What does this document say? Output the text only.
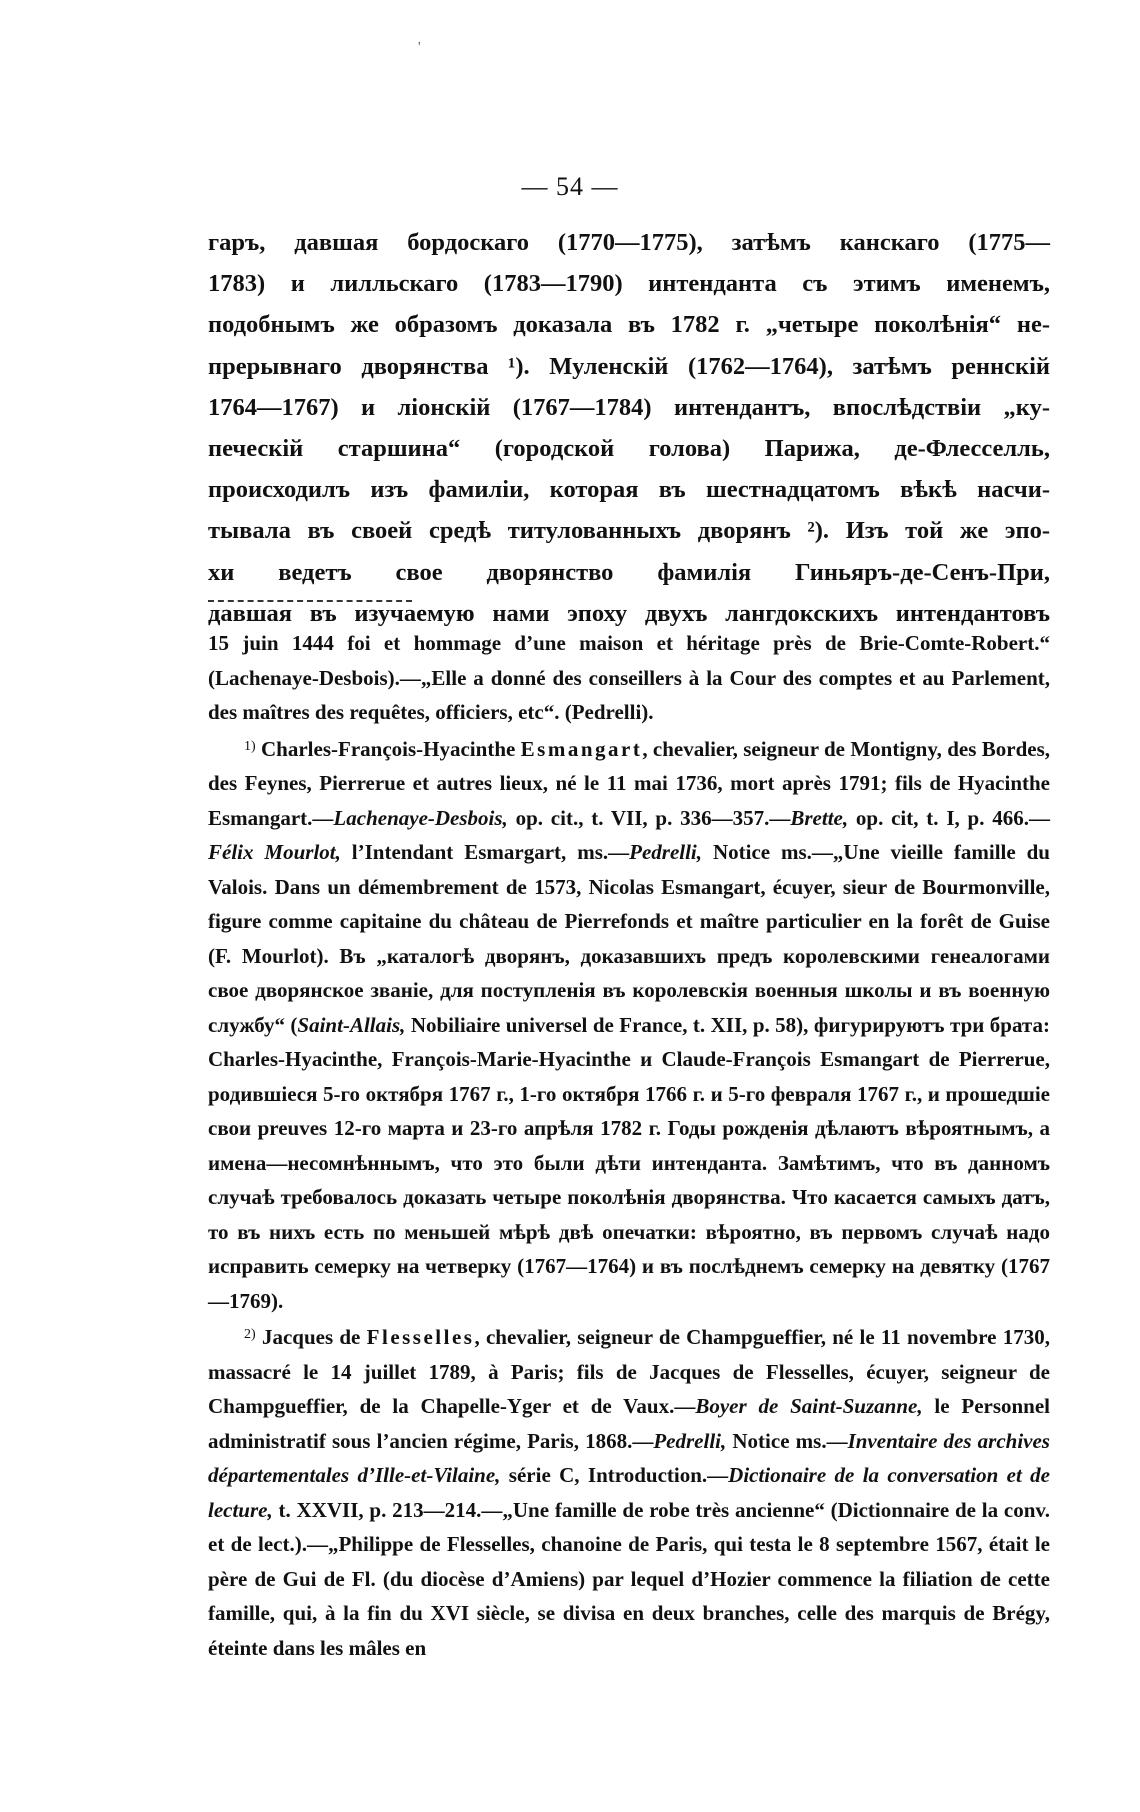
'
— 54 —
гаръ, давшая бордоскаго (1770—1775), затѣмъ канскаго (1775—
1783) и лилльскаго (1783—1790) интенданта съ этимъ именемъ,
подобнымъ же образомъ доказала въ 1782 г. „четыре поколѣнія“ не-
прерывнаго дворянства ¹). Муленскій (1762—1764), затѣмъ реннскій
1764—1767) и ліонскій (1767—1784) интендантъ, впослѣдствіи „ку-
печескій старшина“ (городской голова) Парижа, де-Флесселль,
происходилъ изъ фамиліи, которая въ шестнадцатомъ вѣкѣ насчи-
тывала въ своей средѣ титулованныхъ дворянъ ²). Изъ той же эпо-
хи ведетъ свое дворянство фамилія Гиньяръ-де-Сенъ-При,
давшая въ изучаемую нами эпоху двухъ лангдокскихъ интендантовъ

15 juin 1444 foi et hommage d’une maison et héritage près de Brie-Comte-Robert.“ (Lachenaye-Desbois).—„Elle a donné des conseillers à la Cour des comptes et au Parlement, des maîtres des requêtes, officiers, etc“. (Pedrelli).

$^{1)}$ Charles-François-Hyacinthe Esmangart, chevalier, seigneur de Montigny, des Bordes, des Feynes, Pierrerue et autres lieux, né le 11 mai 1736, mort après 1791; fils de Hyacinthe Esmangart.—Lachenaye-Desbois, op. cit., t. VII, p. 336—357.—Brette, op. cit, t. I, p. 466.—Félix Mourlot, l’Intendant Esmargart, ms.—Pedrelli, Notice ms.—„Une vieille famille du Valois. Dans un démembrement de 1573, Nicolas Esmangart, écuyer, sieur de Bourmonville, figure comme capitaine du château de Pierrefonds et maître particulier en la forêt de Guise (F. Mourlot). Въ „каталогѣ дворянъ, доказавшихъ предъ королевскими генеалогами свое дворянское званіе, для поступленія въ королевскія военныя школы и въ военную службу“ (Saint-Allais, Nobiliaire universel de France, t. XII, p. 58), фигурируютъ три брата: Charles-Hyacinthe, François-Marie-Hyacinthe и Claude-François Esmangart de Pierrerue, родившіеся 5-го октября 1767 г., 1-го октября 1766 г. и 5-го февраля 1767 г., и прошедшіе свои preuves 12-го марта и 23-го апрѣля 1782 г. Годы рожденія дѣлаютъ вѣроятнымъ, а имена—несомнѣннымъ, что это были дѣти интенданта. Замѣтимъ, что въ данномъ случаѣ требовалось доказать четыре поколѣнія дворянства. Что касается самыхъ датъ, то въ нихъ есть по меньшей мѣрѣ двѣ опечатки: вѣроятно, въ первомъ случаѣ надо исправить семерку на четверку (1767—1764) и въ послѣднемъ семерку на девятку (1767—1769).

$^{2)}$ Jacques de Flesselles, chevalier, seigneur de Champgueffier, né le 11 novembre 1730, massacré le 14 juillet 1789, à Paris; fils de Jacques de Flesselles, écuyer, seigneur de Champgueffier, de la Chapelle-Yger et de Vaux.—Boyer de Saint-Suzanne, le Personnel administratif sous l’ancien régime, Paris, 1868.—Pedrelli, Notice ms.—Inventaire des archives départementales d’Ille-et-Vilaine, série C, Introduction.—Dictionaire de la conversation et de lecture, t. XXVII, p. 213—214.—„Une famille de robe très ancienne“ (Dictionnaire de la conv. et de lect.).—„Philippe de Flesselles, chanoine de Paris, qui testa le 8 septembre 1567, était le père de Gui de Fl. (du diocèse d’Amiens) par lequel d’Hozier commence la filiation de cette famille, qui, à la fin du XVI siècle, se divisa en deux branches, celle des marquis de Brégy, éteinte dans les mâles en
